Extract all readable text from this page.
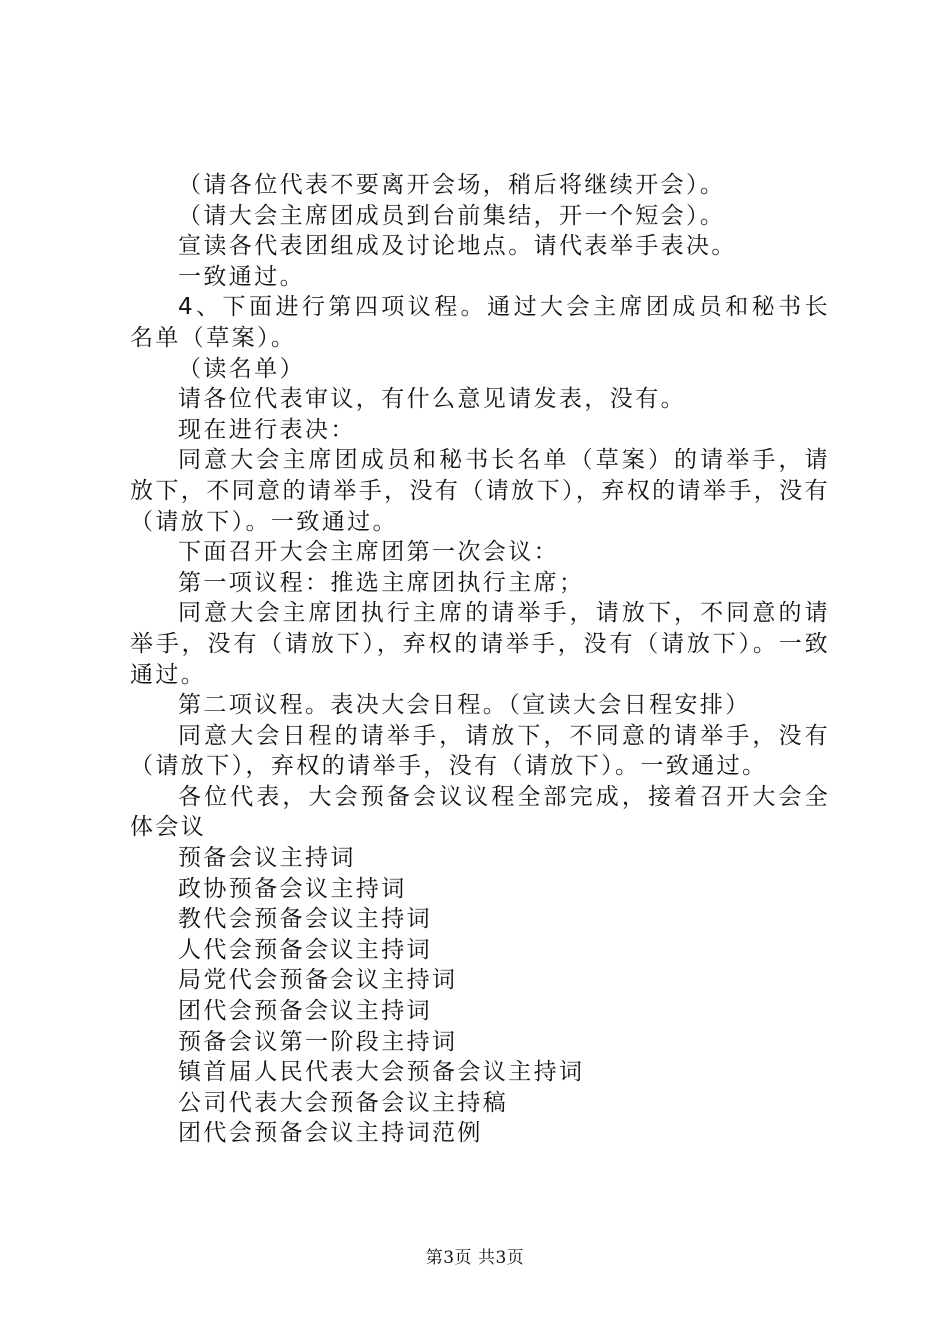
（请各位代表不要离开会场，稍后将继续开会）。

（请大会主席团成员到台前集结，开一个短会）。

宣读各代表团组成及讨论地点。请代表举手表决。

一致通过。

4、下面进行第四项议程。通过大会主席团成员和秘书长名单（草案）。

（读名单）

请各位代表审议，有什么意见请发表，没有。

现在进行表决：

同意大会主席团成员和秘书长名单（草案）的请举手，请放下，不同意的请举手，没有（请放下），弃权的请举手，没有（请放下）。一致通过。

下面召开大会主席团第一次会议：

第一项议程：推选主席团执行主席；

同意大会主席团执行主席的请举手，请放下，不同意的请举手，没有（请放下），弃权的请举手，没有（请放下）。一致通过。

第二项议程。表决大会日程。（宣读大会日程安排）

同意大会日程的请举手，请放下，不同意的请举手，没有（请放下），弃权的请举手，没有（请放下）。一致通过。

各位代表，大会预备会议议程全部完成，接着召开大会全体会议

预备会议主持词

政协预备会议主持词

教代会预备会议主持词

人代会预备会议主持词

局党代会预备会议主持词

团代会预备会议主持词

预备会议第一阶段主持词

镇首届人民代表大会预备会议主持词

公司代表大会预备会议主持稿

团代会预备会议主持词范例

第3页 共3页
